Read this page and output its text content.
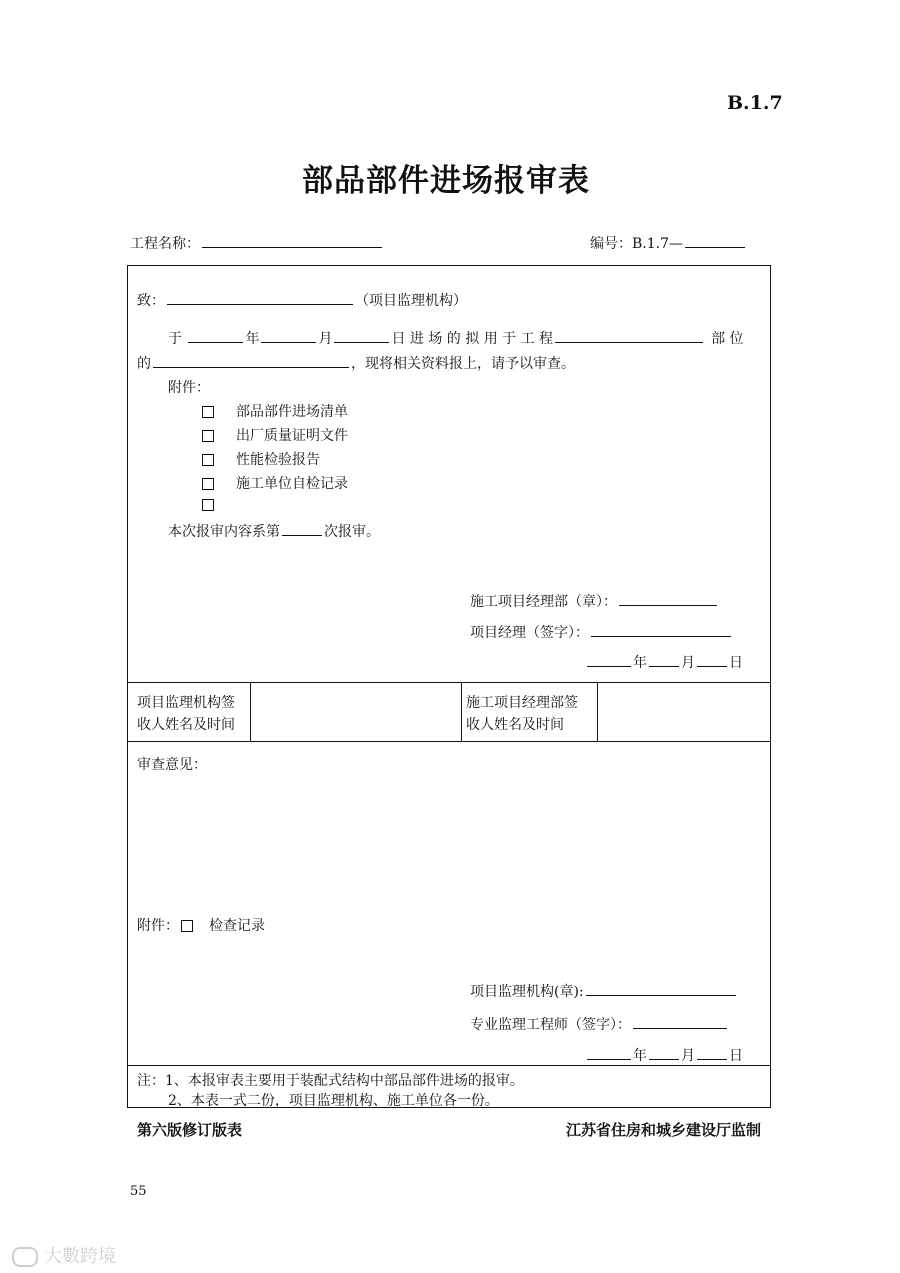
B.1.7
部品部件进场报审表
工程名称：	编号：B.1.7—
致：	（项目监理机构）
于	年	月	日 进 场 的 拟 用 于 工 程	部 位
的	，现将相关资料报上，请予以审查。
附件：
部品部件进场清单
出厂质量证明文件
性能检验报告
施工单位自检记录
本次报审内容系第	次报审。
施工项目经理部（章）：
项目经理（签字）：
年 月 日
项目监理机构签
收人姓名及时间
施工项目经理部签
收人姓名及时间
审查意见：
附件： 检查记录
项目监理机构(章):
专业监理工程师（签字）：
年 月 日
注：1、本报审表主要用于装配式结构中部品部件进场的报审。
2、本表一式二份，项目监理机构、施工单位各一份。
第六版修订版表	江苏省住房和城乡建设厅监制
55
大數跨境
